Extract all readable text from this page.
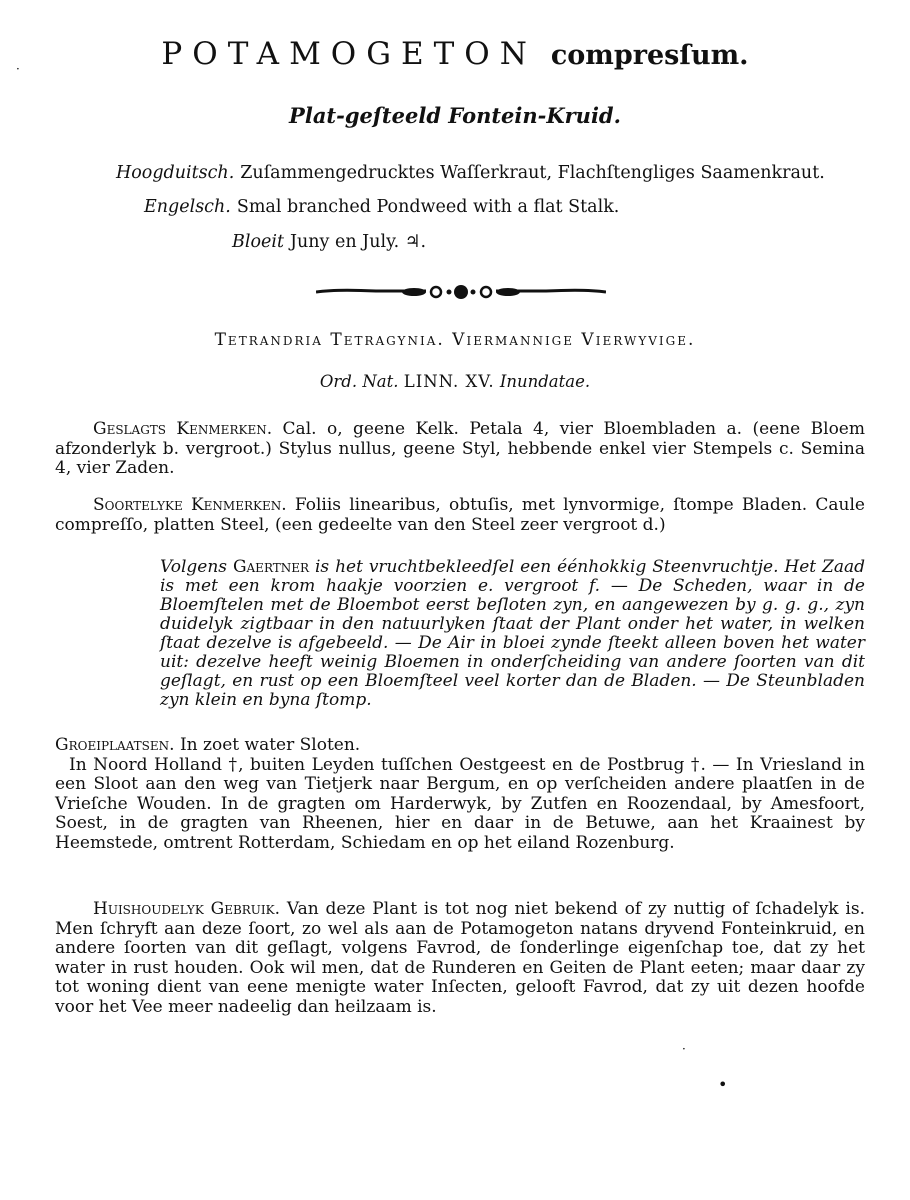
POTAMOGETON compresſum.
Plat-geſteeld Fontein-Kruid.
Hoogduitsch. Zuſammengedrucktes Waſſerkraut, Flachſtengliges Saamenkraut.
Engelsch. Smal branched Pondweed with a flat Stalk.
Bloeit Juny en July. ♃.
Tetrandria Tetragynia. Viermannige Vierwyvige.
Ord. Nat. LINN. XV. Inundatae.

Geslagts Kenmerken. Cal. o, geene Kelk. Petala 4, vier Bloembladen a. (eene Bloem afzonderlyk b. vergroot.) Stylus nullus, geene Styl, hebbende enkel vier Stempels c. Semina 4, vier Zaden.

Soortelyke Kenmerken. Foliis linearibus, obtuſis, met lynvormige, ſtompe Bladen. Caule compreſſo, platten Steel, (een gedeelte van den Steel zeer vergroot d.)

Volgens Gaertner is het vruchtbekleedſel een éénhokkig Steenvruchtje. Het Zaad is met een krom haakje voorzien e. vergroot f. — De Scheden, waar in de Bloemſtelen met de Bloembot eerst beſloten zyn, en aangewezen by g. g. g., zyn duidelyk zigtbaar in den natuurlyken ſtaat der Plant onder het water, in welken ſtaat dezelve is afgebeeld. — De Air in bloei zynde ſteekt alleen boven het water uit: dezelve heeft weinig Bloemen in onderſcheiding van andere ſoorten van dit geſlagt, en rust op een Bloemſteel veel korter dan de Bladen. — De Steunbladen zyn klein en byna ſtomp.

Groeiplaatsen. In zoet water Sloten.

In Noord Holland †, buiten Leyden tuſſchen Oestgeest en de Postbrug †. — In Vriesland in een Sloot aan den weg van Tietjerk naar Bergum, en op verſcheiden andere plaatſen in de Vrieſche Wouden. In de gragten om Harderwyk, by Zutfen en Roozendaal, by Amesfoort, Soest, in de gragten van Rheenen, hier en daar in de Betuwe, aan het Kraainest by Heemstede, omtrent Rotterdam, Schiedam en op het eiland Rozenburg.

Huishoudelyk Gebruik. Van deze Plant is tot nog niet bekend of zy nuttig of ſchadelyk is. Men ſchryft aan deze ſoort, zo wel als aan de Potamogeton natans dryvend Fonteinkruid, en andere ſoorten van dit geſlagt, volgens Favrod, de ſonderlinge eigenſchap toe, dat zy het water in rust houden. Ook wil men, dat de Runderen en Geiten de Plant eeten; maar daar zy tot woning dient van eene menigte water Inſecten, gelooft Favrod, dat zy uit dezen hoofde voor het Vee meer nadeelig dan heilzaam is.

·
·
•
